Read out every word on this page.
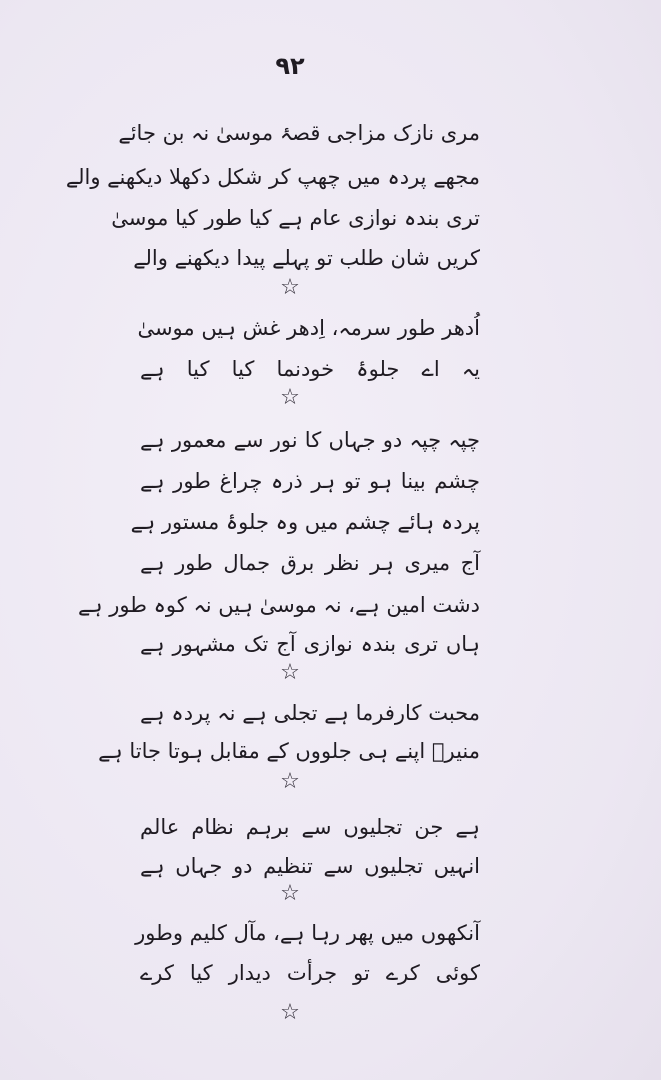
۹۲
مری نازک مزاجی قصۂ موسیٰ نہ بن جائے
مجھے پردہ میں چھپ کر شکل دکھلا دیکھنے والے
تری بندہ نوازی عام ہے کیا طور کیا موسیٰ
کریں شان طلب تو پہلے پیدا دیکھنے والے
☆
اُدھر طور سرمہ، اِدھر غش ہیں موسیٰ
یہ اے جلوۂ خودنما کیا کیا ہے
☆
چپہ چپہ دو جہاں کا نور سے معمور ہے
چشم بینا ہو تو ہر ذرہ چراغ طور ہے
پردہ ہائے چشم میں وہ جلوۂ مستور ہے
آج میری ہر نظر برق جمال طور ہے
دشت امین ہے، نہ موسیٰ ہیں نہ کوہ طور ہے
ہاں تری بندہ نوازی آج تک مشہور ہے
☆
محبت کارفرما ہے تجلی ہے نہ پردہ ہے
منیرؔ اپنے ہی جلووں کے مقابل ہوتا جاتا ہے
☆
ہے جن تجلیوں سے برہم نظام عالم
انہیں تجلیوں سے تنظیم دو جہاں ہے
☆
آنکھوں میں پھر رہا ہے، مآل کلیم وطور
کوئی کرے تو جرأت دیدار کیا کرے
☆
